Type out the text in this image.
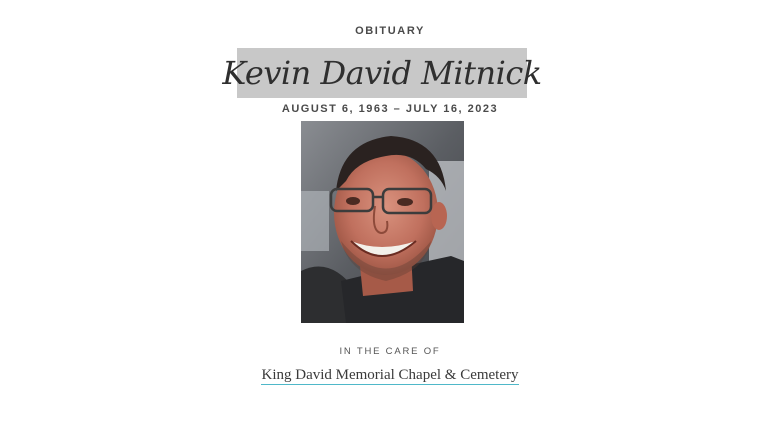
OBITUARY
Kevin David Mitnick
AUGUST 6, 1963 – JULY 16, 2023
IN THE CARE OF
King David Memorial Chapel & Cemetery
